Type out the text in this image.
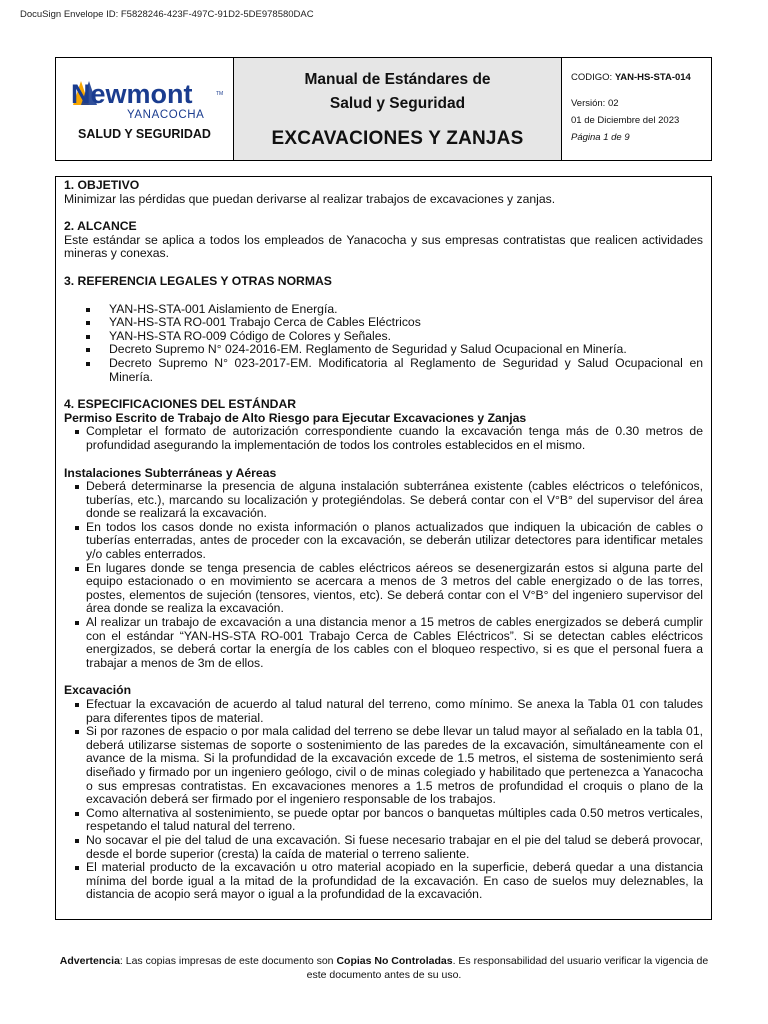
DocuSign Envelope ID: F5828246-423F-497C-91D2-5DE978580DAC
Newmont	TM
YANACOCHA
SALUD Y SEGURIDAD
Manual de Estándares de
Salud y Seguridad
EXCAVACIONES Y ZANJAS
CODIGO: YAN-HS-STA-014
Versión: 02
01 de Diciembre del 2023
Página 1 de 9

1. OBJETIVO

Minimizar las pérdidas que puedan derivarse al realizar trabajos de excavaciones y zanjas.

2. ALCANCE

Este estándar se aplica a todos los empleados de Yanacocha y sus empresas contratistas que realicen actividades mineras y conexas.

3. REFERENCIA LEGALES Y OTRAS NORMAS

YAN-HS-STA-001 Aislamiento de Energía.
YAN-HS-STA RO-001 Trabajo Cerca de Cables Eléctricos
YAN-HS-STA RO-009 Código de Colores y Señales.
Decreto Supremo N° 024-2016-EM. Reglamento de Seguridad y Salud Ocupacional en Minería.
Decreto Supremo N° 023-2017-EM. Modificatoria al Reglamento de Seguridad y Salud Ocupacional en Minería.

4. ESPECIFICACIONES DEL ESTÁNDAR

Permiso Escrito de Trabajo de Alto Riesgo para Ejecutar Excavaciones y Zanjas

Completar el formato de autorización correspondiente cuando la excavación tenga más de 0.30 metros de profundidad asegurando la implementación de todos los controles establecidos en el mismo.

Instalaciones Subterráneas y Aéreas

Deberá determinarse la presencia de alguna instalación subterránea existente (cables eléctricos o telefónicos, tuberías, etc.), marcando su localización y protegiéndolas. Se deberá contar con el V°B° del supervisor del área donde se realizará la excavación.
En todos los casos donde no exista información o planos actualizados que indiquen la ubicación de cables o tuberías enterradas, antes de proceder con la excavación, se deberán utilizar detectores para identificar metales y/o cables enterrados.
En lugares donde se tenga presencia de cables eléctricos aéreos se desenergizarán estos si alguna parte del equipo estacionado o en movimiento se acercara a menos de 3 metros del cable energizado o de las torres, postes, elementos de sujeción (tensores, vientos, etc). Se deberá contar con el V°B° del ingeniero supervisor del área donde se realiza la excavación.
Al realizar un trabajo de excavación a una distancia menor a 15 metros de cables energizados se deberá cumplir con el estándar “YAN-HS-STA RO-001 Trabajo Cerca de Cables Eléctricos”. Si se detectan cables eléctricos energizados, se deberá cortar la energía de los cables con el bloqueo respectivo, si es que el personal fuera a trabajar a menos de 3m de ellos.

Excavación

Efectuar la excavación de acuerdo al talud natural del terreno, como mínimo. Se anexa la Tabla 01 con taludes para diferentes tipos de material.
Si por razones de espacio o por mala calidad del terreno se debe llevar un talud mayor al señalado en la tabla 01, deberá utilizarse sistemas de soporte o sostenimiento de las paredes de la excavación, simultáneamente con el avance de la misma. Si la profundidad de la excavación excede de 1.5 metros, el sistema de sostenimiento será diseñado y firmado por un ingeniero geólogo, civil o de minas colegiado y habilitado que pertenezca a Yanacocha o sus empresas contratistas. En excavaciones menores a 1.5 metros de profundidad el croquis o plano de la excavación deberá ser firmado por el ingeniero responsable de los trabajos.
Como alternativa al sostenimiento, se puede optar por bancos o banquetas múltiples cada 0.50 metros verticales, respetando el talud natural del terreno.
No socavar el pie del talud de una excavación. Si fuese necesario trabajar en el pie del talud se deberá provocar, desde el borde superior (cresta) la caída de material o terreno saliente.
El material producto de la excavación u otro material acopiado en la superficie, deberá quedar a una distancia mínima del borde igual a la mitad de la profundidad de la excavación. En caso de suelos muy deleznables, la distancia de acopio será mayor o igual a la profundidad de la excavación.
Advertencia: Las copias impresas de este documento son Copias No Controladas. Es responsabilidad del usuario verificar la vigencia de este documento antes de su uso.
